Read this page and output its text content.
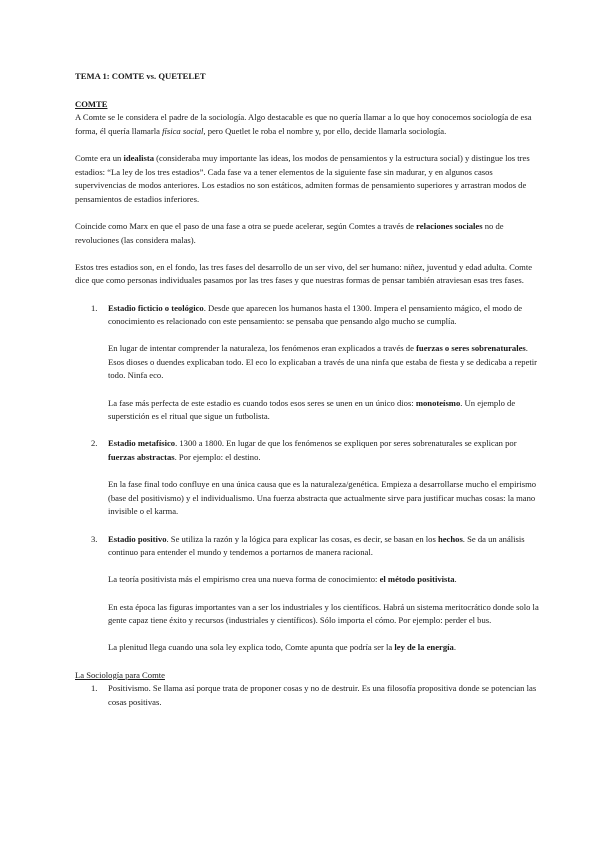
TEMA 1: COMTE vs. QUETELET

COMTE

A Comte se le considera el padre de la sociología. Algo destacable es que no quería llamar a lo que hoy conocemos sociología de esa forma, él quería llamarla física social, pero Quetlet le roba el nombre y, por ello, decide llamarla sociología.

Comte era un idealista (consideraba muy importante las ideas, los modos de pensamientos y la estructura social) y distingue los tres estadios: “La ley de los tres estadios”. Cada fase va a tener elementos de la siguiente fase sin madurar, y en algunos casos supervivencias de modos anteriores. Los estadios no son estáticos, admiten formas de pensamiento superiores y arrastran modos de pensamientos de estadios inferiores.

Coincide como Marx en que el paso de una fase a otra se puede acelerar, según Comtes a través de relaciones sociales no de revoluciones (las considera malas).

Estos tres estadios son, en el fondo, las tres fases del desarrollo de un ser vivo, del ser humano: niñez, juventud y edad adulta. Comte dice que como personas individuales pasamos por las tres fases y que nuestras formas de pensar también atraviesan esas tres fases.

1. Estadio ficticio o teológico. Desde que aparecen los humanos hasta el 1300. Impera el pensamiento mágico, el modo de conocimiento es relacionado con este pensamiento: se pensaba que pensando algo mucho se cumplía.

En lugar de intentar comprender la naturaleza, los fenómenos eran explicados a través de fuerzas o seres sobrenaturales. Esos dioses o duendes explicaban todo. El eco lo explicaban a través de una ninfa que estaba de fiesta y se dedicaba a repetir todo. Ninfa eco.

La fase más perfecta de este estadio es cuando todos esos seres se unen en un único dios: monoteísmo. Un ejemplo de superstición es el ritual que sigue un futbolista.

2. Estadio metafísico. 1300 a 1800. En lugar de que los fenómenos se expliquen por seres sobrenaturales se explican por fuerzas abstractas. Por ejemplo: el destino.

En la fase final todo confluye en una única causa que es la naturaleza/genética. Empieza a desarrollarse mucho el empirismo (base del positivismo) y el individualismo. Una fuerza abstracta que actualmente sirve para justificar muchas cosas: la mano invisible o el karma.

3. Estadio positivo. Se utiliza la razón y la lógica para explicar las cosas, es decir, se basan en los hechos. Se da un análisis continuo para entender el mundo y tendemos a portarnos de manera racional.

La teoría positivista más el empirismo crea una nueva forma de conocimiento: el método positivista.

En esta época las figuras importantes van a ser los industriales y los científicos. Habrá un sistema meritocrático donde solo la gente capaz tiene éxito y recursos (industriales y científicos). Sólo importa el cómo. Por ejemplo: perder el bus.

La plenitud llega cuando una sola ley explica todo, Comte apunta que podría ser la ley de la energía.

La Sociología para Comte

1. Positivismo. Se llama así porque trata de proponer cosas y no de destruir. Es una filosofía propositiva donde se potencian las cosas positivas.
